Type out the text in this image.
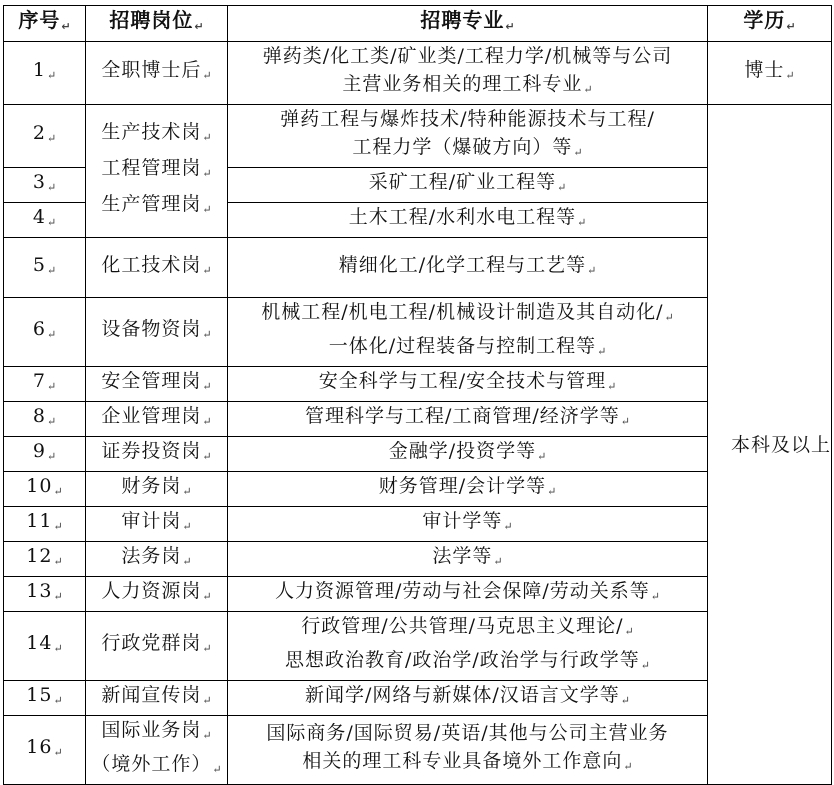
序号↵	招聘岗位↵	招聘专业↵	学历↵
1↵	全职博士后↵	弹药类/化工类/矿业类/工程力学/机械等与公司
主营业务相关的理工科专业↵	博士↵
2↵	生产技术岗↵
工程管理岗↵
生产管理岗↵	弹药工程与爆炸技术/特种能源技术与工程/
工程力学（爆破方向）等↵	本科及以上
3↵		采矿工程/矿业工程等↵
4↵		土木工程/水利水电工程等↵
5↵	化工技术岗↵	精细化工/化学工程与工艺等↵
6↵	设备物资岗↵	机械工程/机电工程/机械设计制造及其自动化/↵
一体化/过程装备与控制工程等↵

7↵	安全管理岗↵	安全科学与工程/安全技术与管理↵
8↵	企业管理岗↵	管理科学与工程/工商管理/经济学等↵
9↵	证券投资岗↵	金融学/投资学等↵
10↵	财务岗↵	财务管理/会计学等↵
11↵	审计岗↵	审计学等↵
12↵	法务岗↵	法学等↵
13↵	人力资源岗↵	人力资源管理/劳动与社会保障/劳动关系等↵
14↵	行政党群岗↵	行政管理/公共管理/马克思主义理论/↵
思想政治教育/政治学/政治学与行政学等↵

15↵	新闻宣传岗↵	新闻学/网络与新媒体/汉语言文学等↵
16↵	国际业务岗↵
（境外工作）↵	国际商务/国际贸易/英语/其他与公司主营业务
相关的理工科专业具备境外工作意向↵
